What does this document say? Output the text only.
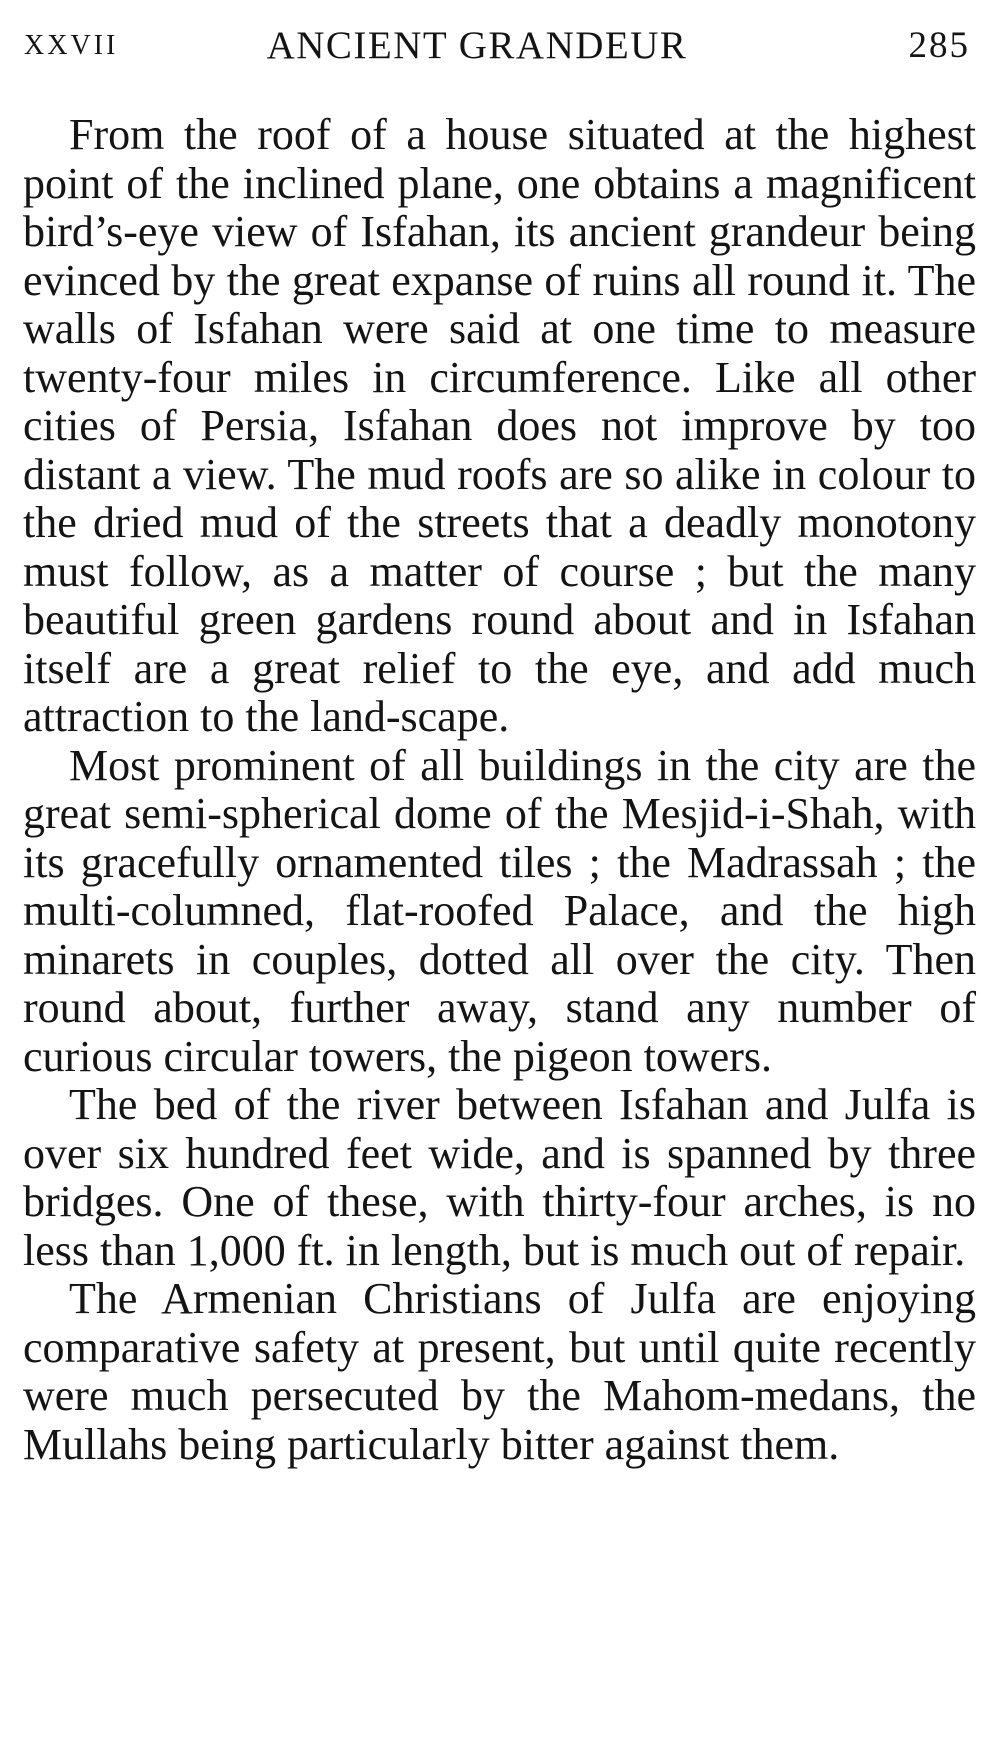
XXVII	ANCIENT GRANDEUR	285

From the roof of a house situated at the highest point of the inclined plane, one obtains a magnificent bird’s-eye view of Isfahan, its ancient grandeur being evinced by the great expanse of ruins all round it. The walls of Isfahan were said at one time to measure twenty-four miles in circumference. Like all other cities of Persia, Isfahan does not improve by too distant a view. The mud roofs are so alike in colour to the dried mud of the streets that a deadly monotony must follow, as a matter of course ; but the many beautiful green gardens round about and in Isfahan itself are a great relief to the eye, and add much attraction to the land-scape.

Most prominent of all buildings in the city are the great semi-spherical dome of the Mesjid-i-Shah, with its gracefully ornamented tiles ; the Madrassah ; the multi-columned, flat-roofed Palace, and the high minarets in couples, dotted all over the city. Then round about, further away, stand any number of curious circular towers, the pigeon towers.

The bed of the river between Isfahan and Julfa is over six hundred feet wide, and is spanned by three bridges. One of these, with thirty-four arches, is no less than 1,000 ft. in length, but is much out of repair.

The Armenian Christians of Julfa are enjoying comparative safety at present, but until quite recently were much persecuted by the Mahom-medans, the Mullahs being particularly bitter against them.
